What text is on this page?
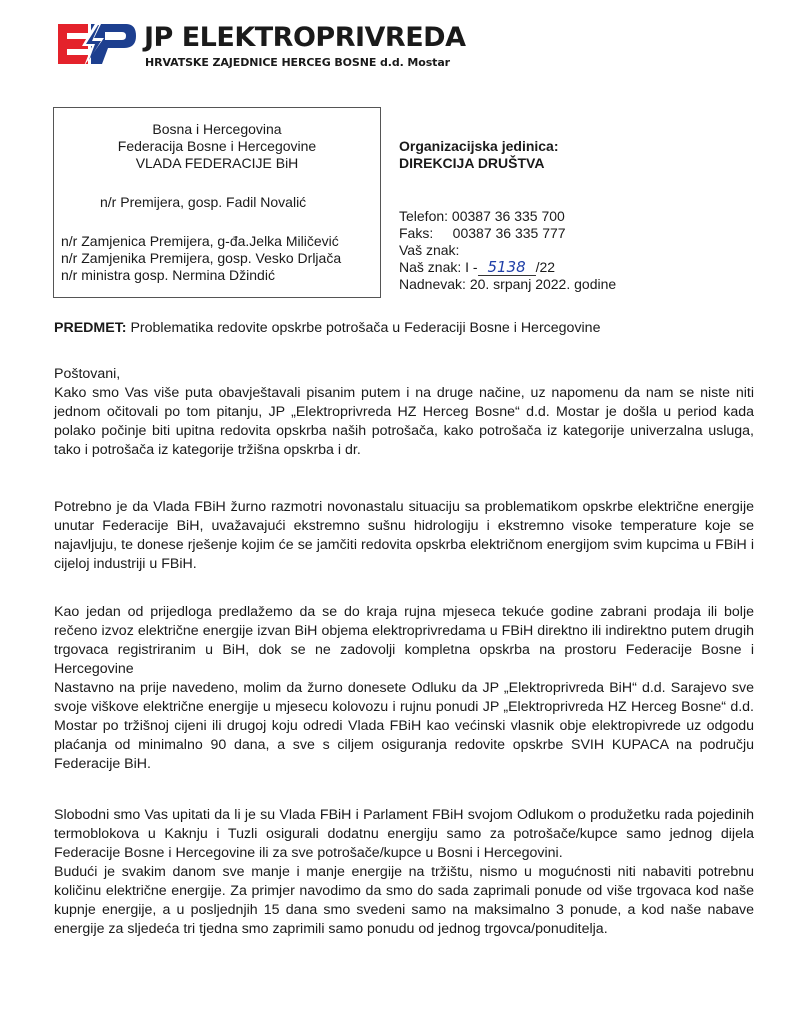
JP ELEKTROPRIVREDA
HRVATSKE ZAJEDNICE HERCEG BOSNE d.d. Mostar
Bosna i Hercegovina
Federacija Bosne i Hercegovine
VLADA FEDERACIJE BiH
n/r Premijera, gosp. Fadil Novalić
n/r Zamjenica Premijera, g-đa.Jelka Miličević
n/r Zamjenika Premijera, gosp. Vesko Drljača
n/r ministra gosp. Nermina Džindić
Organizacijska jedinica:
DIREKCIJA DRUŠTVA
Telefon: 00387 36 335 700
Faks:     00387 36 335 777
Vaš znak:
Naš znak: I - 5138 /22
Nadnevak: 20. srpanj 2022. godine
PREDMET: Problematika redovite opskrbe potrošača u Federaciji Bosne i Hercegovine
Poštovani,

Kako smo Vas više puta obavještavali pisanim putem i na druge načine, uz napomenu da nam se niste niti jednom očitovali po tom pitanju, JP „Elektroprivreda HZ Herceg Bosne“ d.d. Mostar je došla u period kada polako počinje biti upitna redovita opskrba naših potrošača, kako potrošača iz kategorije univerzalna usluga, tako i potrošača iz kategorije tržišna opskrba i dr.

Potrebno je da Vlada FBiH žurno razmotri novonastalu situaciju sa problematikom opskrbe električne energije unutar Federacije BiH, uvažavajući ekstremno sušnu hidrologiju i ekstremno visoke temperature koje se najavljuju, te donese rješenje kojim će se jamčiti redovita opskrba električnom energijom svim kupcima u FBiH i cijeloj industriji u FBiH.

Kao jedan od prijedloga predlažemo da se do kraja rujna mjeseca tekuće godine zabrani prodaja ili bolje rečeno izvoz električne energije izvan BiH objema elektroprivredama u FBiH direktno ili indirektno putem drugih trgovaca registriranim u BiH, dok se ne zadovolji kompletna opskrba na prostoru Federacije Bosne i Hercegovine

Nastavno na prije navedeno, molim da žurno donesete Odluku da JP „Elektroprivreda BiH“ d.d. Sarajevo sve svoje viškove električne energije u mjesecu kolovozu i rujnu ponudi JP „Elektroprivreda HZ Herceg Bosne“ d.d. Mostar po tržišnoj cijeni ili drugoj koju odredi Vlada FBiH kao većinski vlasnik obje elektropivrede uz odgodu plaćanja od minimalno 90 dana, a sve s ciljem osiguranja redovite opskrbe SVIH KUPACA na području Federacije BiH.

Slobodni smo Vas upitati da li je su Vlada FBiH i Parlament FBiH svojom Odlukom o produžetku rada pojedinih termoblokova u Kaknju i Tuzli osigurali dodatnu energiju samo za potrošače/kupce samo jednog dijela Federacije Bosne i Hercegovine ili za sve potrošače/kupce u Bosni i Hercegovini.

Budući je svakim danom sve manje i manje energije na tržištu, nismo u mogućnosti niti nabaviti potrebnu količinu električne energije. Za primjer navodimo da smo do sada zaprimali ponude od više trgovaca kod naše kupnje energije, a u posljednjih 15 dana smo svedeni samo na maksimalno 3 ponude, a kod naše nabave energije za sljedeća tri tjedna smo zaprimili samo ponudu od jednog trgovca/ponuditelja.
